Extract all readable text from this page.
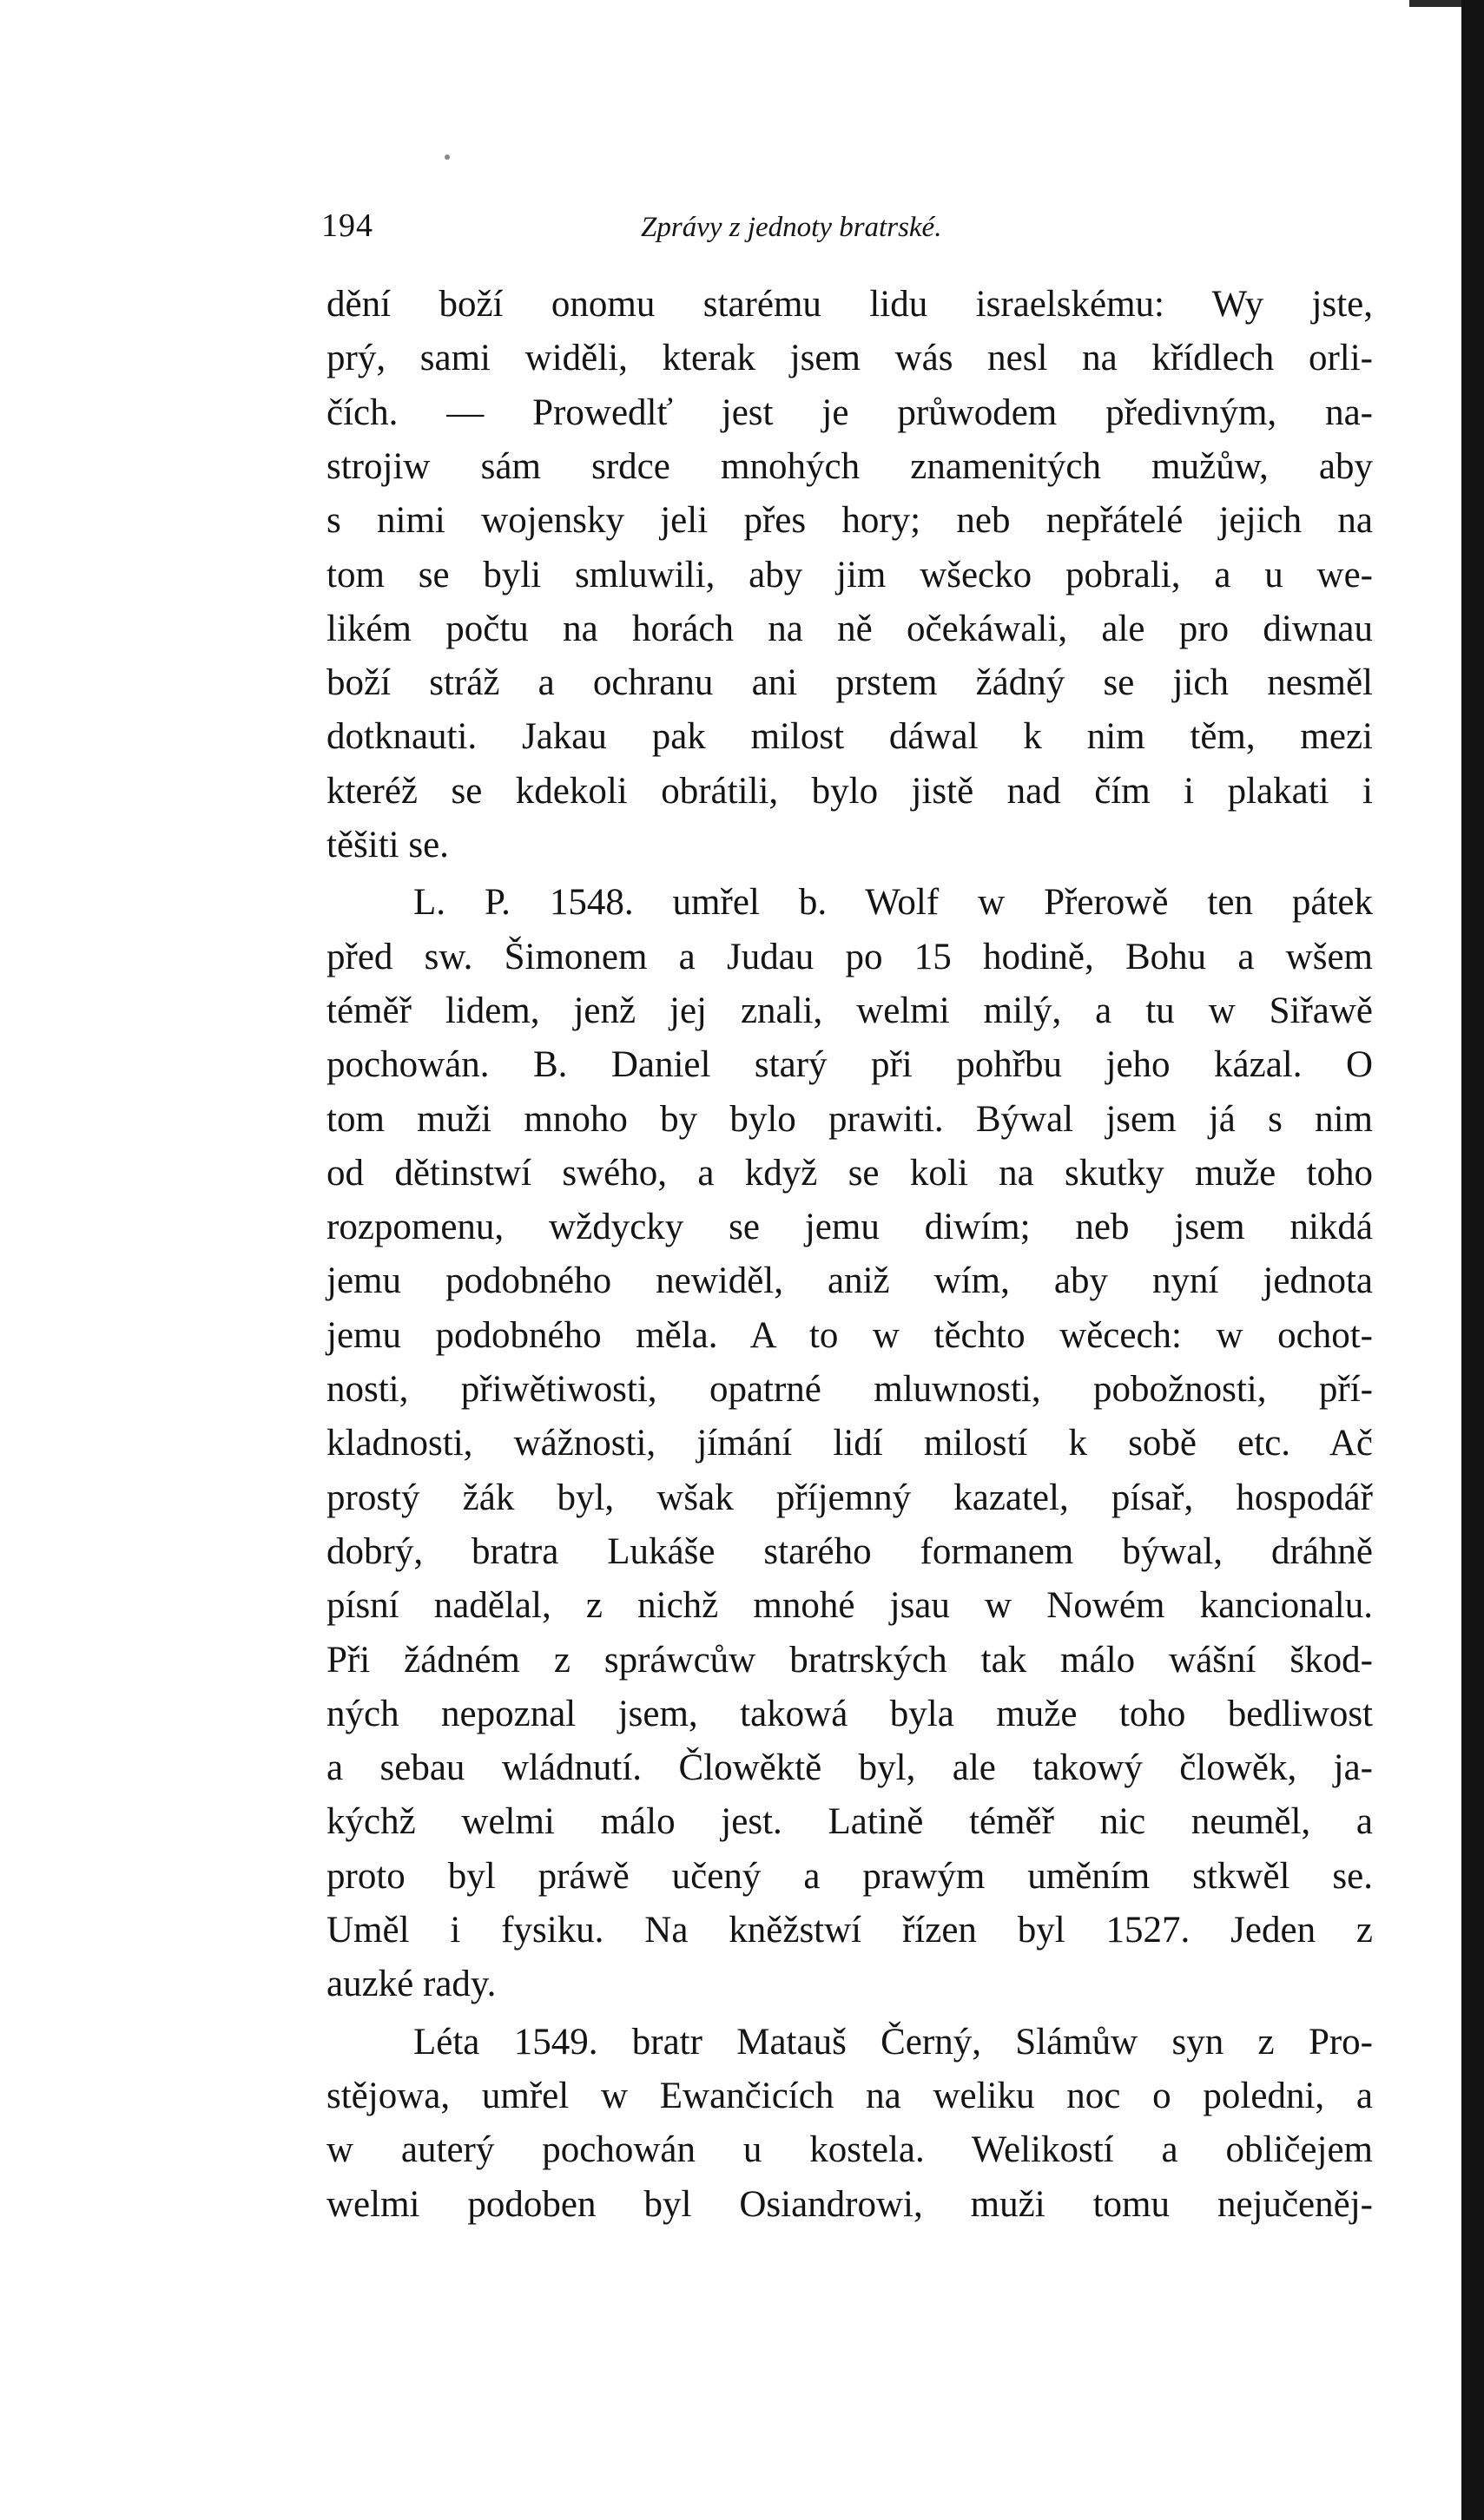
194	Zprávy z jednoty bratrské.
dění boží onomu starému lidu israelskému: Wy jste,
prý, sami widěli, kterak jsem wás nesl na křídlech orli-
čích. — Prowedlť jest je průwodem předivným, na-
strojiw sám srdce mnohých znamenitých mužůw, aby
s nimi wojensky jeli přes hory; neb nepřátelé jejich na
tom se byli smluwili, aby jim wšecko pobrali, a u we-
likém počtu na horách na ně očekáwali, ale pro diwnau
boží stráž a ochranu ani prstem žádný se jich nesměl
dotknauti. Jakau pak milost dáwal k nim těm, mezi
kteréž se kdekoli obrátili, bylo jistě nad čím i plakati i
těšiti se.
L. P. 1548. umřel b. Wolf w Přerowě ten pátek
před sw. Šimonem a Judau po 15 hodině, Bohu a wšem
téměř lidem, jenž jej znali, welmi milý, a tu w Siřawě
pochowán. B. Daniel starý při pohřbu jeho kázal. O
tom muži mnoho by bylo prawiti. Býwal jsem já s nim
od dětinstwí swého, a když se koli na skutky muže toho
rozpomenu, wždycky se jemu diwím; neb jsem nikdá
jemu podobného newiděl, aniž wím, aby nyní jednota
jemu podobného měla. A to w těchto wěcech: w ochot-
nosti, přiwětiwosti, opatrné mluwnosti, pobožnosti, pří-
kladnosti, wážnosti, jímání lidí milostí k sobě etc. Ač
prostý žák byl, wšak příjemný kazatel, písař, hospodář
dobrý, bratra Lukáše starého formanem býwal, dráhně
písní nadělal, z nichž mnohé jsau w Nowém kancionalu.
Při žádném z spráwcůw bratrských tak málo wášní škod-
ných nepoznal jsem, takowá byla muže toho bedliwost
a sebau wládnutí. Člowěktě byl, ale takowý člowěk, ja-
kýchž welmi málo jest. Latině téměř nic neuměl, a
proto byl práwě učený a prawým uměním stkwěl se.
Uměl i fysiku. Na kněžstwí řízen byl 1527. Jeden z
auzké rady.
Léta 1549. bratr Matauš Černý, Slámůw syn z Pro-
stějowa, umřel w Ewančicích na weliku noc o poledni, a
w auterý pochowán u kostela. Welikostí a obličejem
welmi podoben byl Osiandrowi, muži tomu nejučeněj-
